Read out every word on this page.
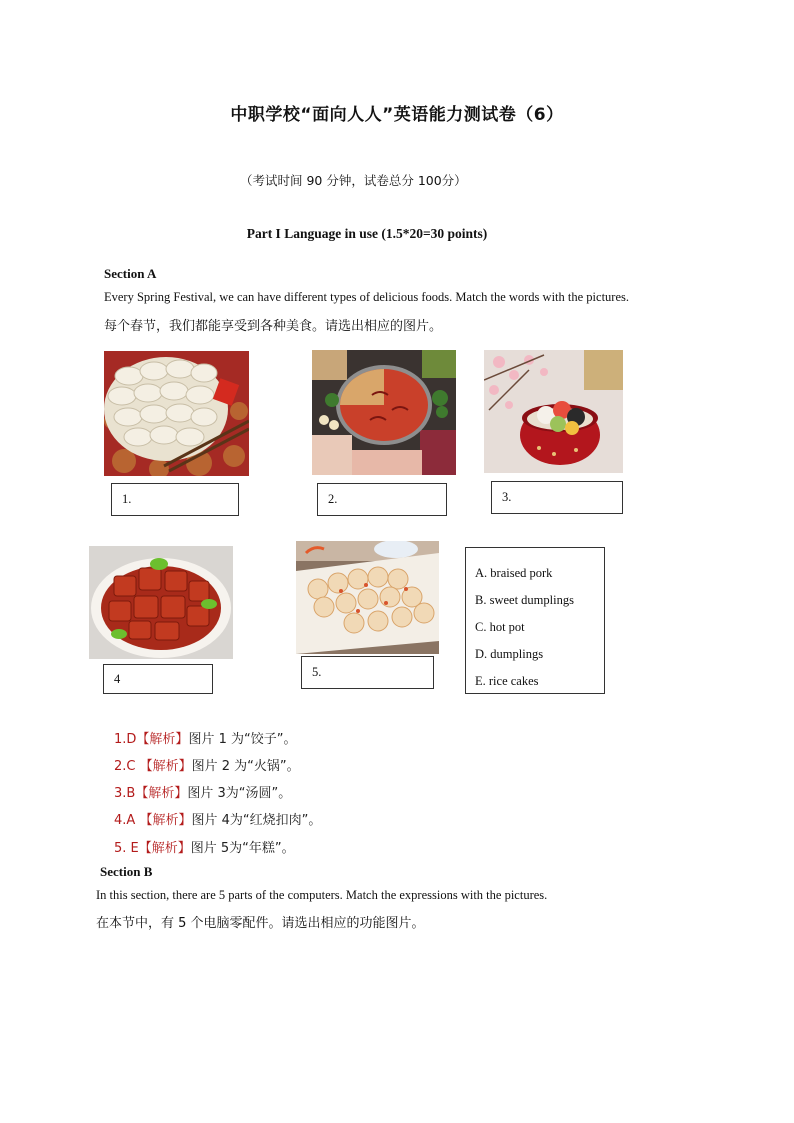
中职学校“面向人人”英语能力测试卷（6）
（考试时间 90 分钟，试卷总分 100分）
Part I Language in use (1.5*20=30 points)
Section A
Every Spring Festival, we can have different types of delicious foods. Match the words with the pictures.
每个春节，我们都能享受到各种美食。请选出相应的图片。
1.	2.	3.
4	5.
A. braised pork
B. sweet dumplings
C. hot pot
D. dumplings
E. rice cakes
1.D【解析】图片 1 为“饺子”。
2.C 【解析】图片 2 为“火锅”。
3.B【解析】图片 3为“汤圆”。
4.A 【解析】图片 4为“红烧扣肉”。
5. E【解析】图片 5为“年糕”。
Section B
In this section, there are 5 parts of the computers. Match the expressions with the pictures.
在本节中，有 5 个电脑零配件。请选出相应的功能图片。
